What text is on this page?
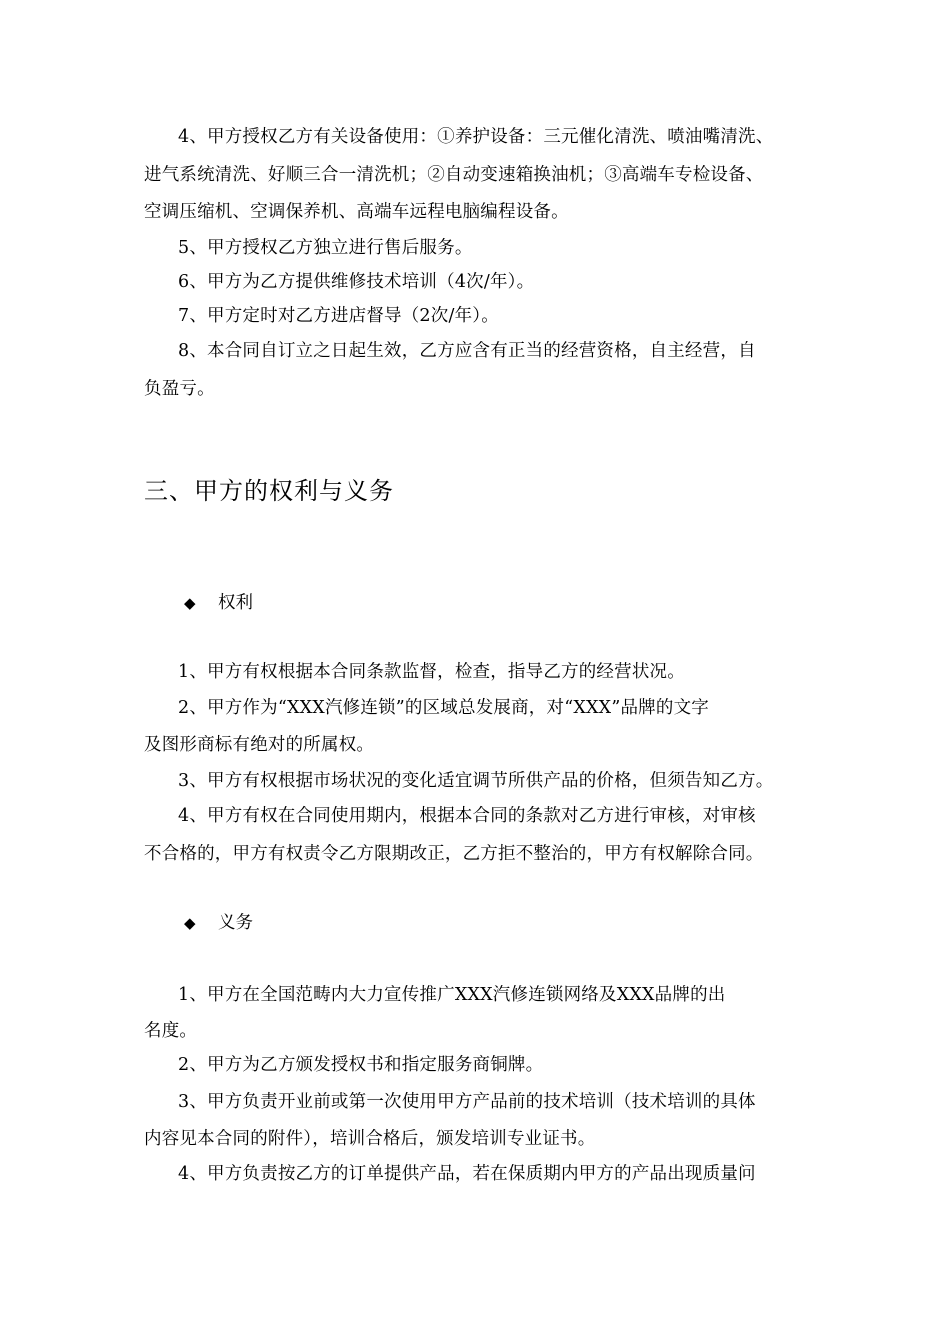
4、甲方授权乙方有关设备使用：①养护设备：三元催化清洗、喷油嘴清洗、
进气系统清洗、好顺三合一清洗机；②自动变速箱换油机；③高端车专检设备、
空调压缩机、空调保养机、高端车远程电脑编程设备。
5、甲方授权乙方独立进行售后服务。
6、甲方为乙方提供维修技术培训（4次/年）。
7、甲方定时对乙方进店督导（2次/年）。
8、本合同自订立之日起生效，乙方应含有正当的经营资格，自主经营，自
负盈亏。
三、甲方的权利与义务
◆ 权利
1、甲方有权根据本合同条款监督，检查，指导乙方的经营状况。
2、甲方作为“XXX汽修连锁”的区域总发展商，对“XXX”品牌的文字
及图形商标有绝对的所属权。
3、甲方有权根据市场状况的变化适宜调节所供产品的价格，但须告知乙方。
4、甲方有权在合同使用期内，根据本合同的条款对乙方进行审核，对审核
不合格的，甲方有权责令乙方限期改正，乙方拒不整治的，甲方有权解除合同。
◆ 义务
1、甲方在全国范畴内大力宣传推广XXX汽修连锁网络及XXX品牌的出
名度。
2、甲方为乙方颁发授权书和指定服务商铜牌。
3、甲方负责开业前或第一次使用甲方产品前的技术培训（技术培训的具体
内容见本合同的附件），培训合格后，颁发培训专业证书。
4、甲方负责按乙方的订单提供产品，若在保质期内甲方的产品出现质量问
